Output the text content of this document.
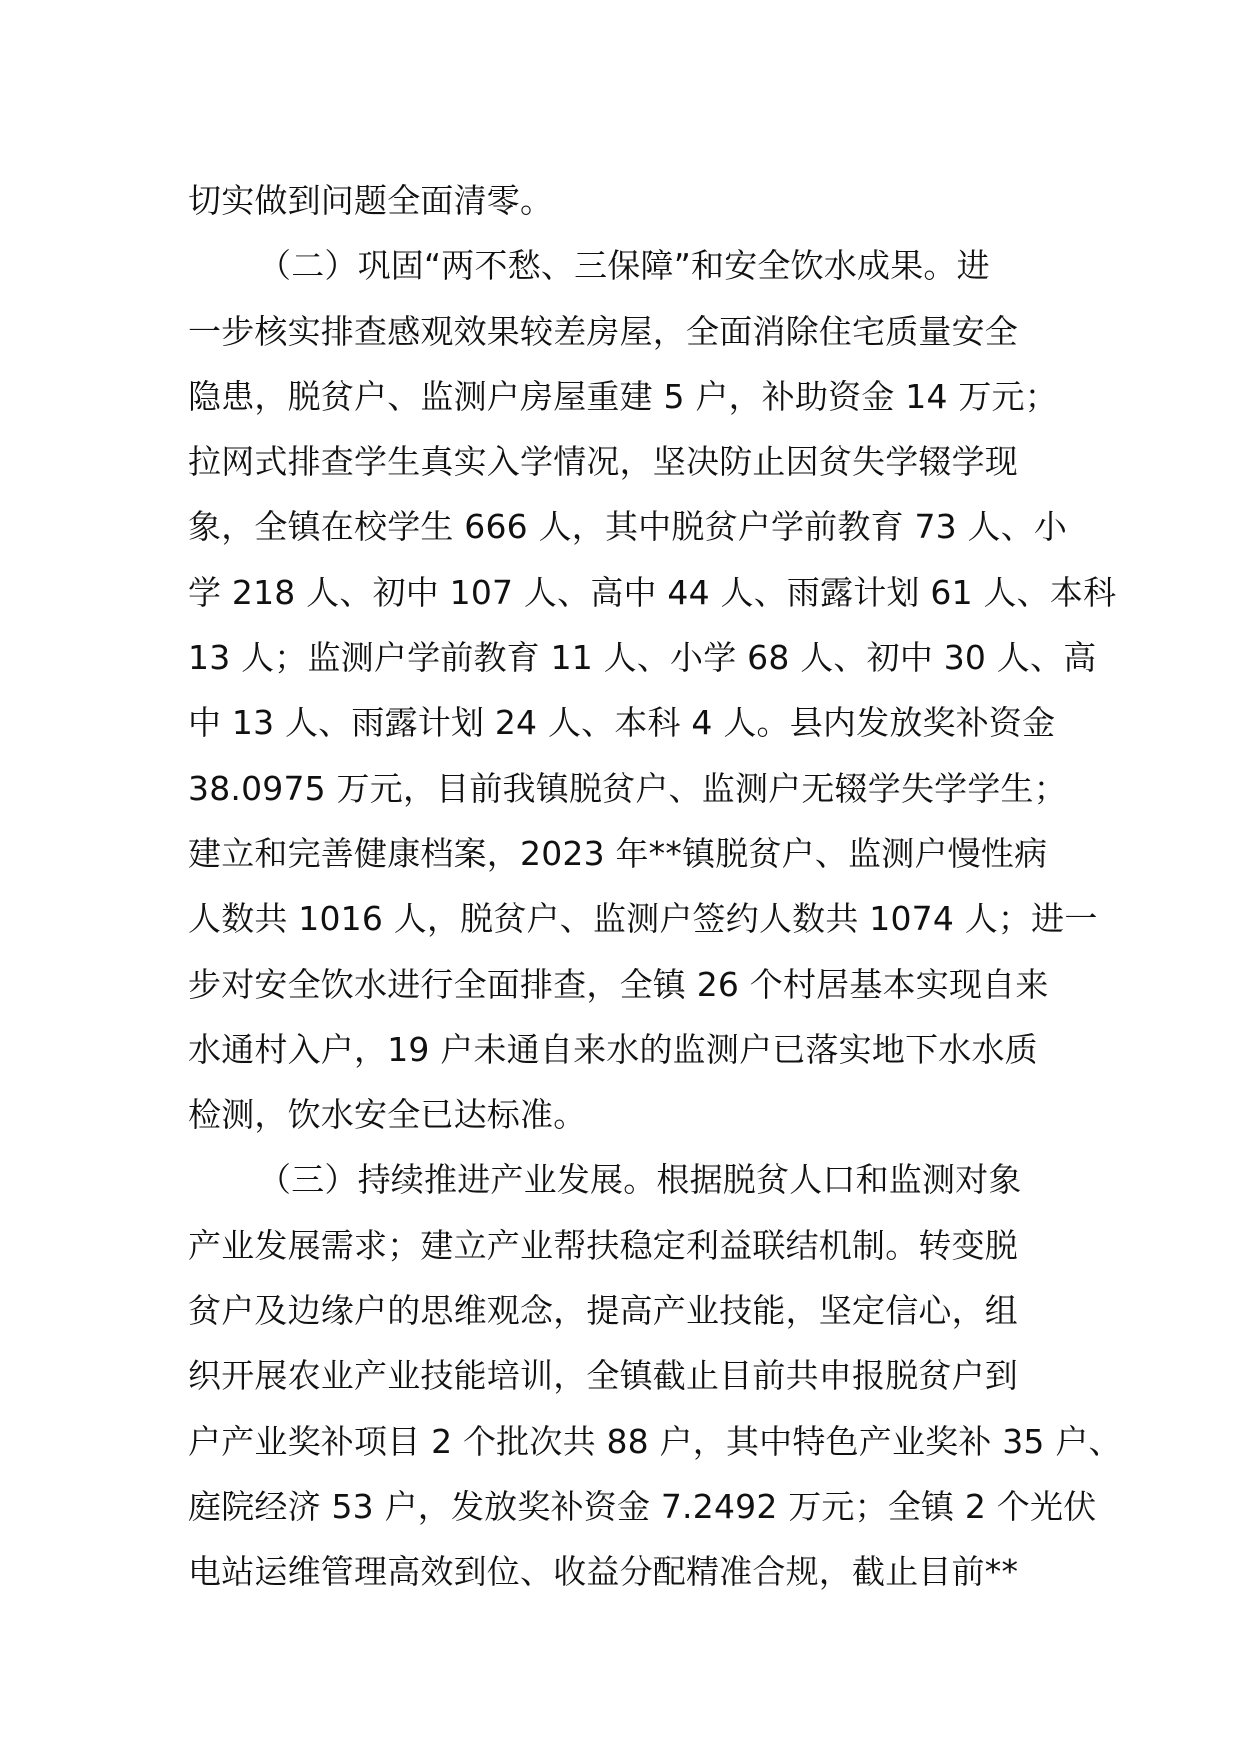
切实做到问题全面清零。
（二）巩固“两不愁、三保障”和安全饮水成果。进
一步核实排查感观效果较差房屋，全面消除住宅质量安全
隐患，脱贫户、监测户房屋重建 5 户，补助资金 14 万元；
拉网式排查学生真实入学情况，坚决防止因贫失学辍学现
象，全镇在校学生 666 人，其中脱贫户学前教育 73 人、小
学 218 人、初中 107 人、高中 44 人、雨露计划 61 人、本科
13 人；监测户学前教育 11 人、小学 68 人、初中 30 人、高
中 13 人、雨露计划 24 人、本科 4 人。县内发放奖补资金
38.0975 万元，目前我镇脱贫户、监测户无辍学失学学生；
建立和完善健康档案，2023 年**镇脱贫户、监测户慢性病
人数共 1016 人，脱贫户、监测户签约人数共 1074 人；进一
步对安全饮水进行全面排查，全镇 26 个村居基本实现自来
水通村入户，19 户未通自来水的监测户已落实地下水水质
检测，饮水安全已达标准。
（三）持续推进产业发展。根据脱贫人口和监测对象
产业发展需求；建立产业帮扶稳定利益联结机制。转变脱
贫户及边缘户的思维观念，提高产业技能，坚定信心，组
织开展农业产业技能培训，全镇截止目前共申报脱贫户到
户产业奖补项目 2 个批次共 88 户，其中特色产业奖补 35 户、
庭院经济 53 户，发放奖补资金 7.2492 万元；全镇 2 个光伏
电站运维管理高效到位、收益分配精准合规，截止目前**
